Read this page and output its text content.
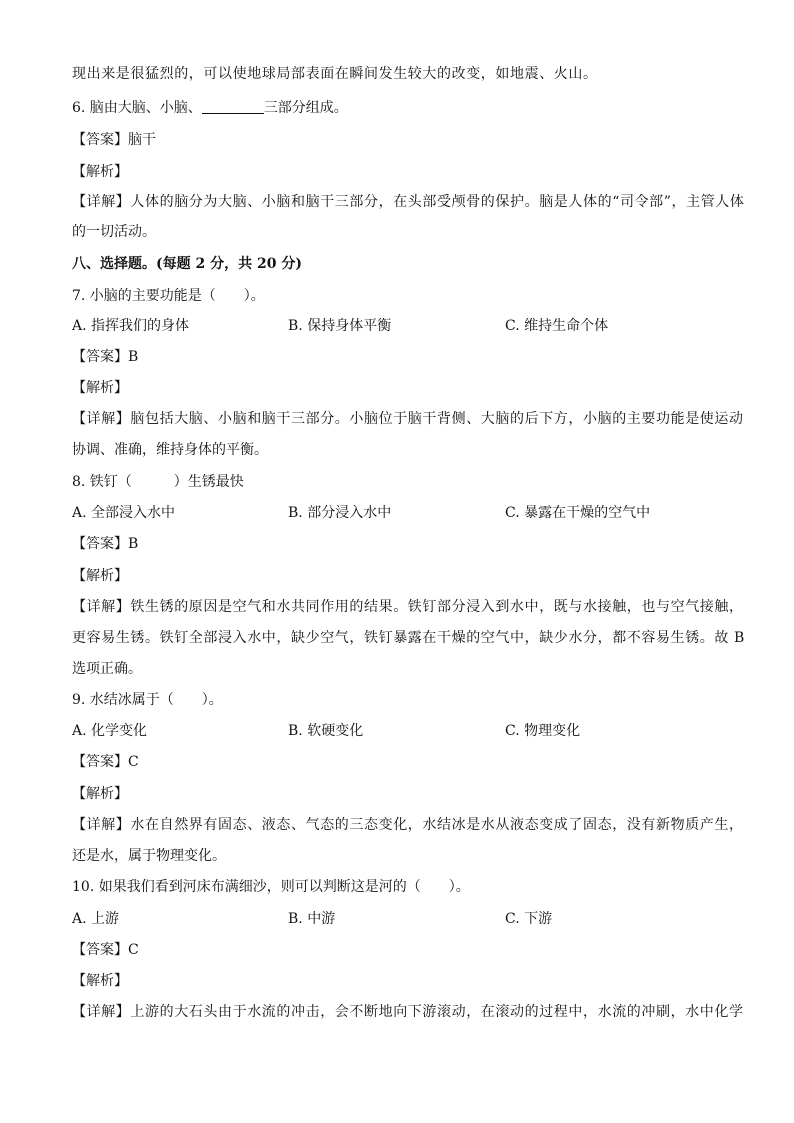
现出来是很猛烈的，可以使地球局部表面在瞬间发生较大的改变，如地震、火山。
6. 脑由大脑、小脑、	三部分组成。
【答案】脑干
【解析】
【详解】人体的脑分为大脑、小脑和脑干三部分，在头部受颅骨的保护。脑是人体的“司令部”，主管人体
的一切活动。
八、选择题。(每题 2 分，共 20 分)
7. 小脑的主要功能是（　　）。
A. 指挥我们的身体	B. 保持身体平衡	C. 维持生命个体
【答案】B
【解析】
【详解】脑包括大脑、小脑和脑干三部分。小脑位于脑干背侧、大脑的后下方，小脑的主要功能是使运动
协调、准确，维持身体的平衡。
8. 铁钉（　　　）生锈最快
A. 全部浸入水中	B. 部分浸入水中	C. 暴露在干燥的空气中
【答案】B
【解析】
【详解】铁生锈的原因是空气和水共同作用的结果。铁钉部分浸入到水中，既与水接触，也与空气接触，
更容易生锈。铁钉全部浸入水中，缺少空气，铁钉暴露在干燥的空气中，缺少水分，都不容易生锈。故 B
选项正确。
9. 水结冰属于（　　）。
A. 化学变化	B. 软硬变化	C. 物理变化
【答案】C
【解析】
【详解】水在自然界有固态、液态、气态的三态变化，水结冰是水从液态变成了固态，没有新物质产生，
还是水，属于物理变化。
10. 如果我们看到河床布满细沙，则可以判断这是河的（　　）。
A. 上游	B. 中游	C. 下游
【答案】C
【解析】
【详解】上游的大石头由于水流的冲击，会不断地向下游滚动，在滚动的过程中，水流的冲刷，水中化学
